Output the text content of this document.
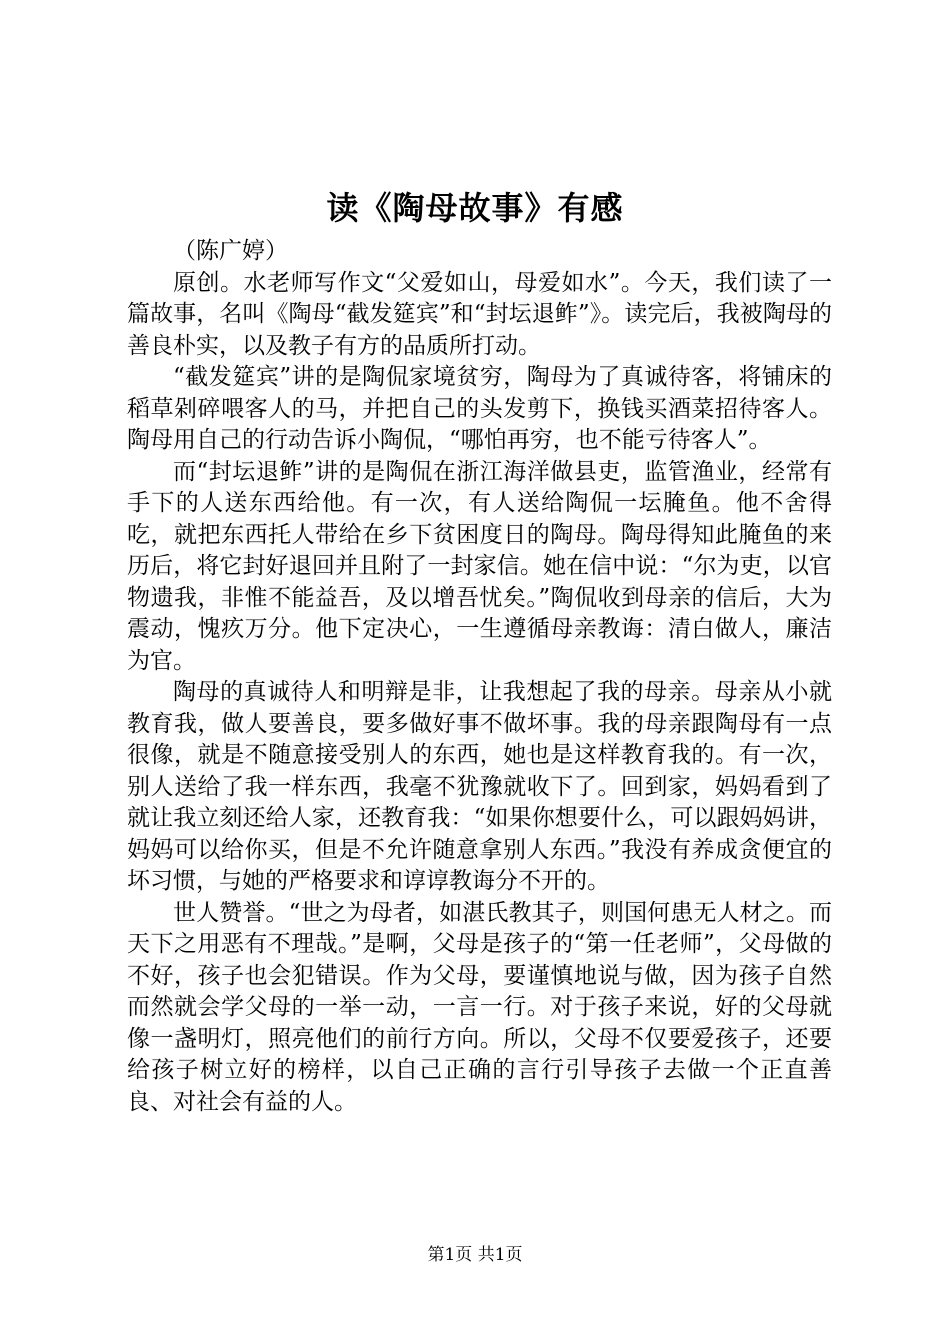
读《陶母故事》有感

（陈广婷）

原创。水老师写作文“父爱如山，母爱如水”。今天，我们读了一篇故事，名叫《陶母“截发筵宾”和“封坛退鲊”》。读完后，我被陶母的善良朴实，以及教子有方的品质所打动。

“截发筵宾”讲的是陶侃家境贫穷，陶母为了真诚待客，将铺床的稻草剁碎喂客人的马，并把自己的头发剪下，换钱买酒菜招待客人。陶母用自己的行动告诉小陶侃，“哪怕再穷，也不能亏待客人”。

而“封坛退鲊”讲的是陶侃在浙江海洋做县吏，监管渔业，经常有手下的人送东西给他。有一次，有人送给陶侃一坛腌鱼。他不舍得吃，就把东西托人带给在乡下贫困度日的陶母。陶母得知此腌鱼的来历后，将它封好退回并且附了一封家信。她在信中说：“尔为吏，以官物遗我，非惟不能益吾，及以增吾忧矣。”陶侃收到母亲的信后，大为震动，愧疚万分。他下定决心，一生遵循母亲教诲：清白做人，廉洁为官。

陶母的真诚待人和明辩是非，让我想起了我的母亲。母亲从小就教育我，做人要善良，要多做好事不做坏事。我的母亲跟陶母有一点很像，就是不随意接受别人的东西，她也是这样教育我的。有一次，别人送给了我一样东西，我毫不犹豫就收下了。回到家，妈妈看到了就让我立刻还给人家，还教育我：“如果你想要什么，可以跟妈妈讲，妈妈可以给你买，但是不允许随意拿别人东西。”我没有养成贪便宜的坏习惯，与她的严格要求和谆谆教诲分不开的。

世人赞誉。“世之为母者，如湛氏教其子，则国何患无人材之。而天下之用恶有不理哉。”是啊，父母是孩子的“第一任老师”，父母做的不好，孩子也会犯错误。作为父母，要谨慎地说与做，因为孩子自然而然就会学父母的一举一动，一言一行。对于孩子来说，好的父母就像一盏明灯，照亮他们的前行方向。所以，父母不仅要爱孩子，还要给孩子树立好的榜样，以自己正确的言行引导孩子去做一个正直善良、对社会有益的人。

第1页 共1页
